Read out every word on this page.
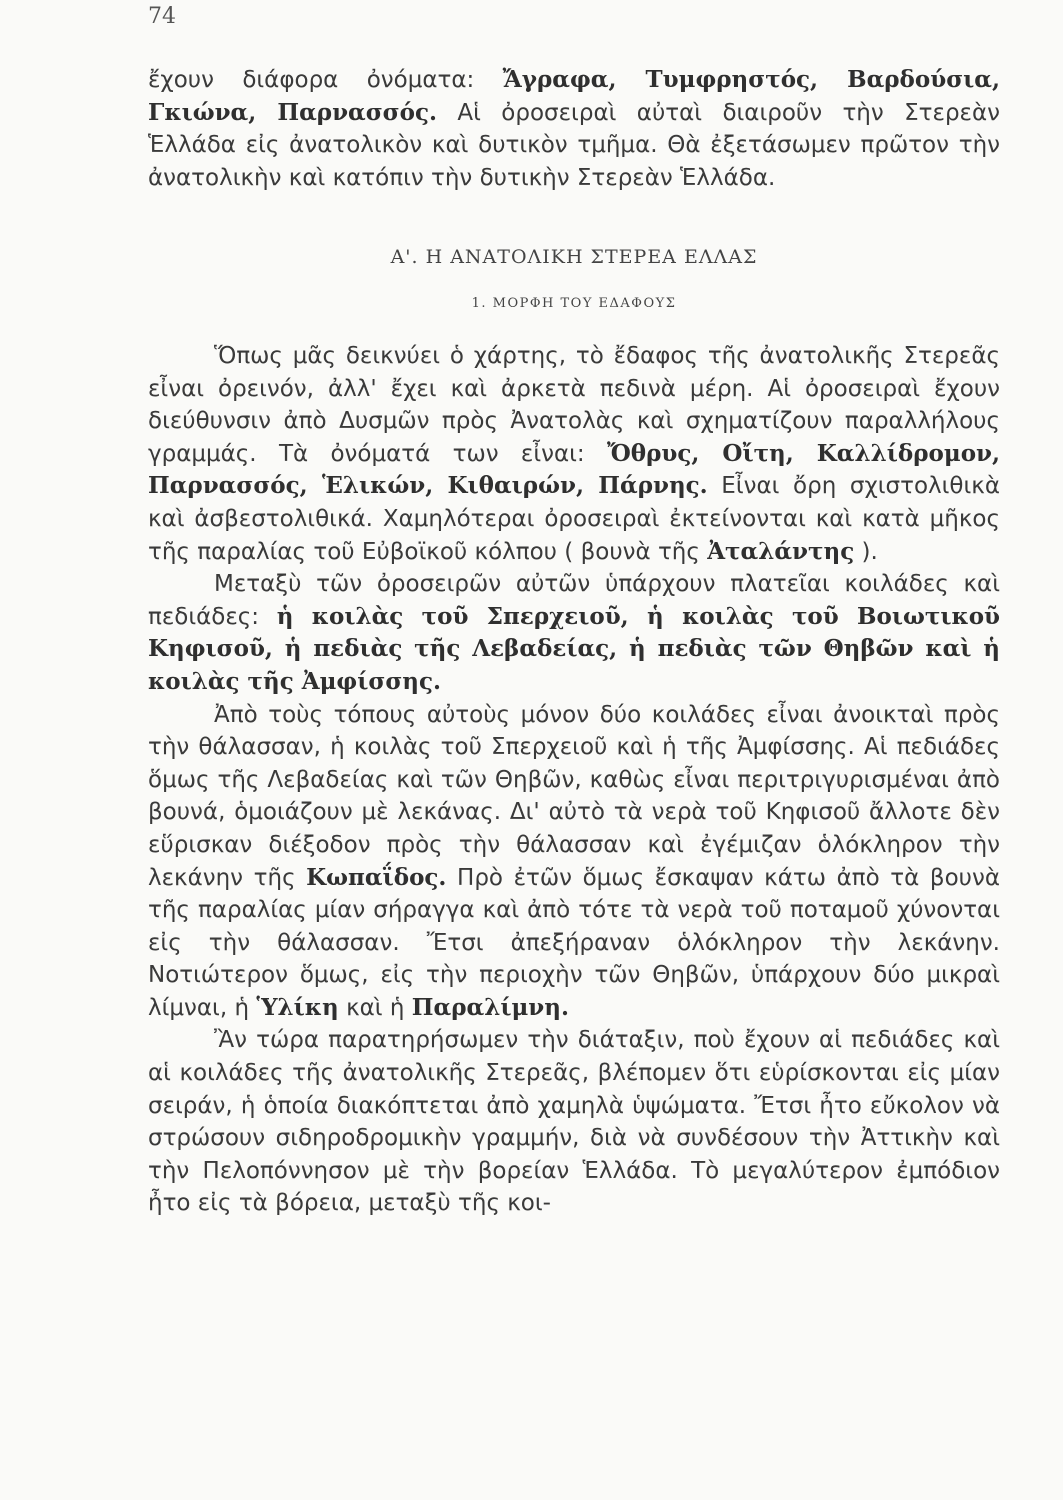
74

ἔχουν διάφορα ὀνόματα: Ἄγραφα, Τυμφρηστός, Βαρδούσια, Γκιώνα, Παρνασσός. Αἱ ὀροσειραὶ αὐταὶ διαιροῦν τὴν Στερεὰν Ἑλλάδα εἰς ἀνατολικὸν καὶ δυτικὸν τμῆμα. Θὰ ἐξετάσωμεν πρῶτον τὴν ἀνατολικὴν καὶ κατόπιν τὴν δυτικὴν Στερεὰν Ἑλλάδα.

Α'. Η ΑΝΑΤΟΛΙΚΗ ΣΤΕΡΕΑ ΕΛΛΑΣ
1. ΜΟΡΦΗ ΤΟΥ ΕΔΑΦΟΥΣ

Ὅπως μᾶς δεικνύει ὁ χάρτης, τὸ ἔδαφος τῆς ἀνατολικῆς Στερεᾶς εἶναι ὀρεινόν, ἀλλ' ἔχει καὶ ἀρκετὰ πεδινὰ μέρη. Αἱ ὀροσειραὶ ἔχουν διεύθυνσιν ἀπὸ Δυσμῶν πρὸς Ἀνατολὰς καὶ σχηματίζουν παραλλήλους γραμμάς. Τὰ ὀνόματά των εἶναι: Ὄθρυς, Οἴτη, Καλλίδρομον, Παρνασσός, Ἑλικών, Κιθαιρών, Πάρνης. Εἶναι ὄρη σχιστολιθικὰ καὶ ἀσβεστολιθικά. Χαμηλότεραι ὀροσειραὶ ἐκτείνονται καὶ κατὰ μῆκος τῆς παραλίας τοῦ Εὐβοϊκοῦ κόλπου ( βουνὰ τῆς Ἀταλάντης ).

Μεταξὺ τῶν ὀροσειρῶν αὐτῶν ὑπάρχουν πλατεῖαι κοιλάδες καὶ πεδιάδες: ἡ κοιλὰς τοῦ Σπερχειοῦ, ἡ κοιλὰς τοῦ Βοιωτικοῦ Κηφισοῦ, ἡ πεδιὰς τῆς Λεβαδείας, ἡ πεδιὰς τῶν Θηβῶν καὶ ἡ κοιλὰς τῆς Ἀμφίσσης.

Ἀπὸ τοὺς τόπους αὐτοὺς μόνον δύο κοιλάδες εἶναι ἀνοικταὶ πρὸς τὴν θάλασσαν, ἡ κοιλὰς τοῦ Σπερχειοῦ καὶ ἡ τῆς Ἀμφίσσης. Αἱ πεδιάδες ὅμως τῆς Λεβαδείας καὶ τῶν Θηβῶν, καθὼς εἶναι περιτριγυρισμέναι ἀπὸ βουνά, ὁμοιάζουν μὲ λεκάνας. Δι' αὐτὸ τὰ νερὰ τοῦ Κηφισοῦ ἄλλοτε δὲν εὕρισκαν διέξοδον πρὸς τὴν θάλασσαν καὶ ἐγέμιζαν ὁλόκληρον τὴν λεκάνην τῆς Κωπαΐδος. Πρὸ ἐτῶν ὅμως ἔσκαψαν κάτω ἀπὸ τὰ βουνὰ τῆς παραλίας μίαν σήραγγα καὶ ἀπὸ τότε τὰ νερὰ τοῦ ποταμοῦ χύνονται εἰς τὴν θάλασσαν. Ἔτσι ἀπεξήραναν ὁλόκληρον τὴν λεκάνην. Νοτιώτερον ὅμως, εἰς τὴν περιοχὴν τῶν Θηβῶν, ὑπάρχουν δύο μικραὶ λίμναι, ἡ Ὑλίκη καὶ ἡ Παραλίμνη.

Ἂν τώρα παρατηρήσωμεν τὴν διάταξιν, ποὺ ἔχουν αἱ πεδιάδες καὶ αἱ κοιλάδες τῆς ἀνατολικῆς Στερεᾶς, βλέπομεν ὅτι εὑρίσκονται εἰς μίαν σειράν, ἡ ὁποία διακόπτεται ἀπὸ χαμηλὰ ὑψώματα. Ἔτσι ἦτο εὔκολον νὰ στρώσουν σιδηροδρομικὴν γραμμήν, διὰ νὰ συνδέσουν τὴν Ἀττικὴν καὶ τὴν Πελοπόννησον μὲ τὴν βορείαν Ἑλλάδα. Τὸ μεγαλύτερον ἐμπόδιον ἦτο εἰς τὰ βόρεια, μεταξὺ τῆς κοι-
